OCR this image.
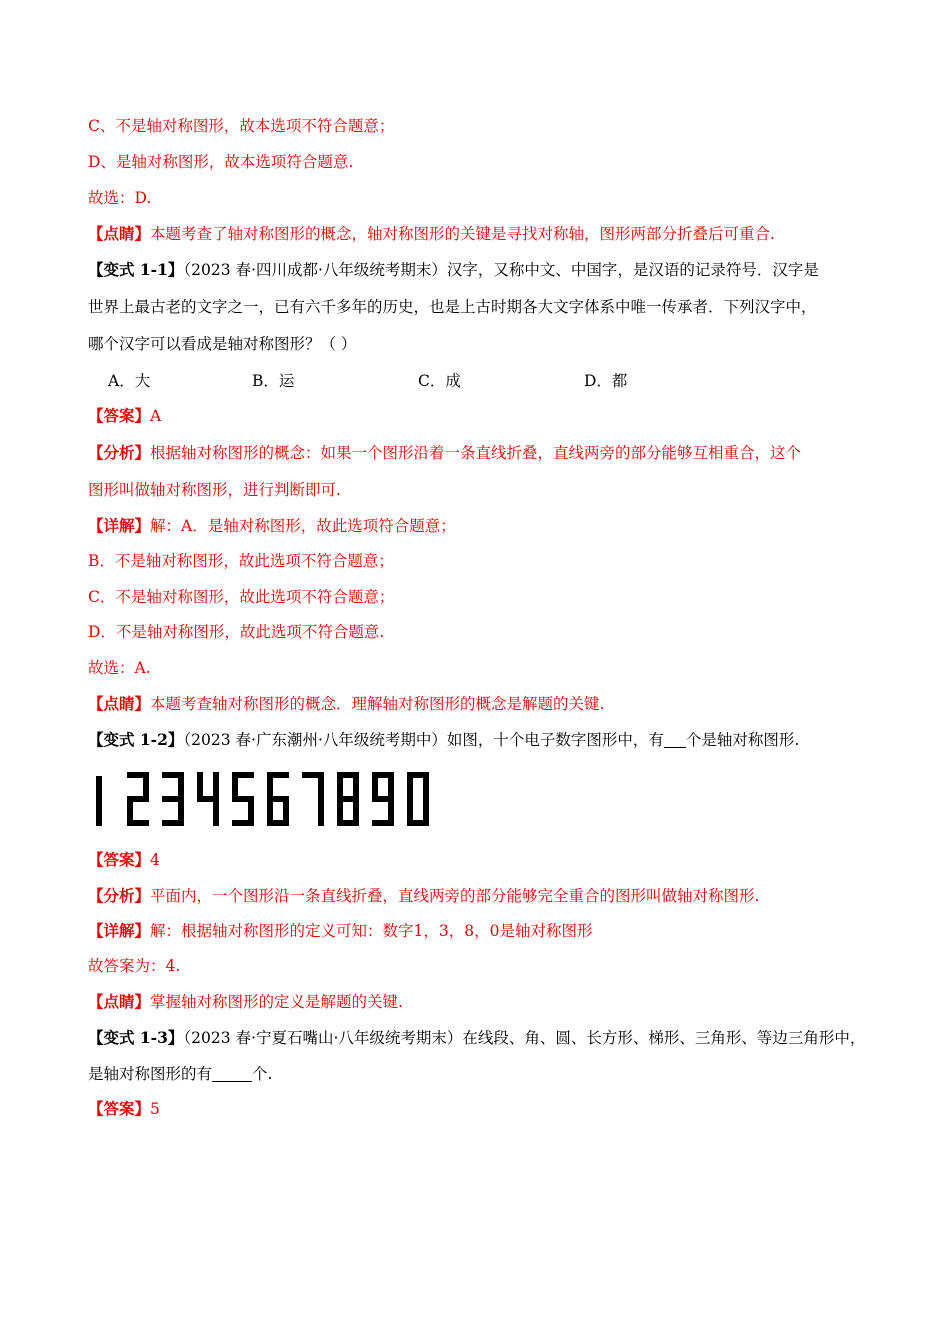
C、不是轴对称图形，故本选项不符合题意；
D、是轴对称图形，故本选项符合题意.
故选：D.
【点睛】本题考查了轴对称图形的概念，轴对称图形的关键是寻找对称轴，图形两部分折叠后可重合.
【变式 1-1】（2023 春·四川成都·八年级统考期末）汉字，又称中文、中国字，是汉语的记录符号．汉字是
世界上最古老的文字之一，已有六千多年的历史，也是上古时期各大文字体系中唯一传承者．下列汉字中，
哪个汉字可以看成是轴对称图形？（ ）
A．大	B．运	C．成	D．都
【答案】A
【分析】根据轴对称图形的概念：如果一个图形沿着一条直线折叠，直线两旁的部分能够互相重合，这个
图形叫做轴对称图形，进行判断即可.
【详解】解：A．是轴对称图形，故此选项符合题意；
B．不是轴对称图形，故此选项不符合题意；
C．不是轴对称图形，故此选项不符合题意；
D．不是轴对称图形，故此选项不符合题意.
故选：A.
【点睛】本题考查轴对称图形的概念．理解轴对称图形的概念是解题的关键.
【变式 1-2】（2023 春·广东潮州·八年级统考期中）如图，十个电子数字图形中，有 个是轴对称图形.
【答案】4
【分析】平面内，一个图形沿一条直线折叠，直线两旁的部分能够完全重合的图形叫做轴对称图形.
【详解】解：根据轴对称图形的定义可知：数字1，3，8，0是轴对称图形
故答案为：4.
【点睛】掌握轴对称图形的定义是解题的关键.
【变式 1-3】（2023 春·宁夏石嘴山·八年级统考期末）在线段、角、圆、长方形、梯形、三角形、等边三角形中，
是轴对称图形的有	个.
【答案】5
